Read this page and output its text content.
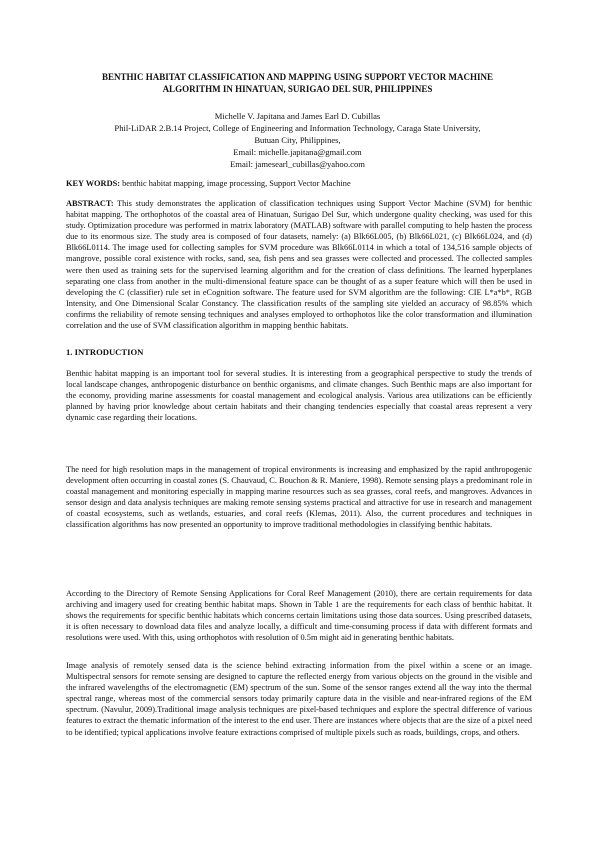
BENTHIC HABITAT CLASSIFICATION AND MAPPING USING SUPPORT VECTOR MACHINE
ALGORITHM IN HINATUAN, SURIGAO DEL SUR, PHILIPPINES
Michelle V. Japitana and James Earl D. Cubillas
Phil-LiDAR 2.B.14 Project, College of Engineering and Information Technology, Caraga State University,
Butuan City, Philippines,
Email: michelle.japitana@gmail.com
Email: jamesearl_cubillas@yahoo.com
KEY WORDS: benthic habitat mapping, image processing, Support Vector Machine
ABSTRACT: This study demonstrates the application of classification techniques using Support Vector Machine (SVM) for benthic habitat mapping. The orthophotos of the coastal area of Hinatuan, Surigao Del Sur, which undergone quality checking, was used for this study. Optimization procedure was performed in matrix laboratory (MATLAB) software with parallel computing to help hasten the process due to its enormous size. The study area is composed of four datasets, namely: (a) Blk66L005, (b) Blk66L021, (c) Blk66L024, and (d) Blk66L0114. The image used for collecting samples for SVM procedure was Blk66L0114 in which a total of 134,516 sample objects of mangrove, possible coral existence with rocks, sand, sea, fish pens and sea grasses were collected and processed. The collected samples were then used as training sets for the supervised learning algorithm and for the creation of class definitions. The learned hyperplanes separating one class from another in the multi-dimensional feature space can be thought of as a super feature which will then be used in developing the C (classifier) rule set in eCognition software. The feature used for SVM algorithm are the following: CIE L*a*b*, RGB Intensity, and One Dimensional Scalar Constancy. The classification results of the sampling site yielded an accuracy of 98.85% which confirms the reliability of remote sensing techniques and analyses employed to orthophotos like the color transformation and illumination correlation and the use of SVM classification algorithm in mapping benthic habitats.
1. INTRODUCTION
Benthic habitat mapping is an important tool for several studies. It is interesting from a geographical perspective to study the trends of local landscape changes, anthropogenic disturbance on benthic organisms, and climate changes. Such Benthic maps are also important for the economy, providing marine assessments for coastal management and ecological analysis. Various area utilizations can be efficiently planned by having prior knowledge about certain habitats and their changing tendencies especially that coastal areas represent a very dynamic case regarding their locations.
The need for high resolution maps in the management of tropical environments is increasing and emphasized by the rapid anthropogenic development often occurring in coastal zones (S. Chauvaud, C. Bouchon & R. Maniere, 1998). Remote sensing plays a predominant role in coastal management and monitoring especially in mapping marine resources such as sea grasses, coral reefs, and mangroves. Advances in sensor design and data analysis techniques are making remote sensing systems practical and attractive for use in research and management of coastal ecosystems, such as wetlands, estuaries, and coral reefs (Klemas, 2011). Also, the current procedures and techniques in classification algorithms has now presented an opportunity to improve traditional methodologies in classifying benthic habitats.
According to the Directory of Remote Sensing Applications for Coral Reef Management (2010), there are certain requirements for data archiving and imagery used for creating benthic habitat maps. Shown in Table 1 are the requirements for each class of benthic habitat. It shows the requirements for specific benthic habitats which concerns certain limitations using those data sources. Using prescribed datasets, it is often necessary to download data files and analyze locally, a difficult and time-consuming process if data with different formats and resolutions were used. With this, using orthophotos with resolution of 0.5m might aid in generating benthic habitats.
Image analysis of remotely sensed data is the science behind extracting information from the pixel within a scene or an image. Multispectral sensors for remote sensing are designed to capture the reflected energy from various objects on the ground in the visible and the infrared wavelengths of the electromagnetic (EM) spectrum of the sun. Some of the sensor ranges extend all the way into the thermal spectral range, whereas most of the commercial sensors today primarily capture data in the visible and near-infrared regions of the EM spectrum. (Navulur, 2009).Traditional image analysis techniques are pixel-based techniques and explore the spectral difference of various features to extract the thematic information of the interest to the end user. There are instances where objects that are the size of a pixel need to be identified; typical applications involve feature extractions comprised of multiple pixels such as roads, buildings, crops, and others.
